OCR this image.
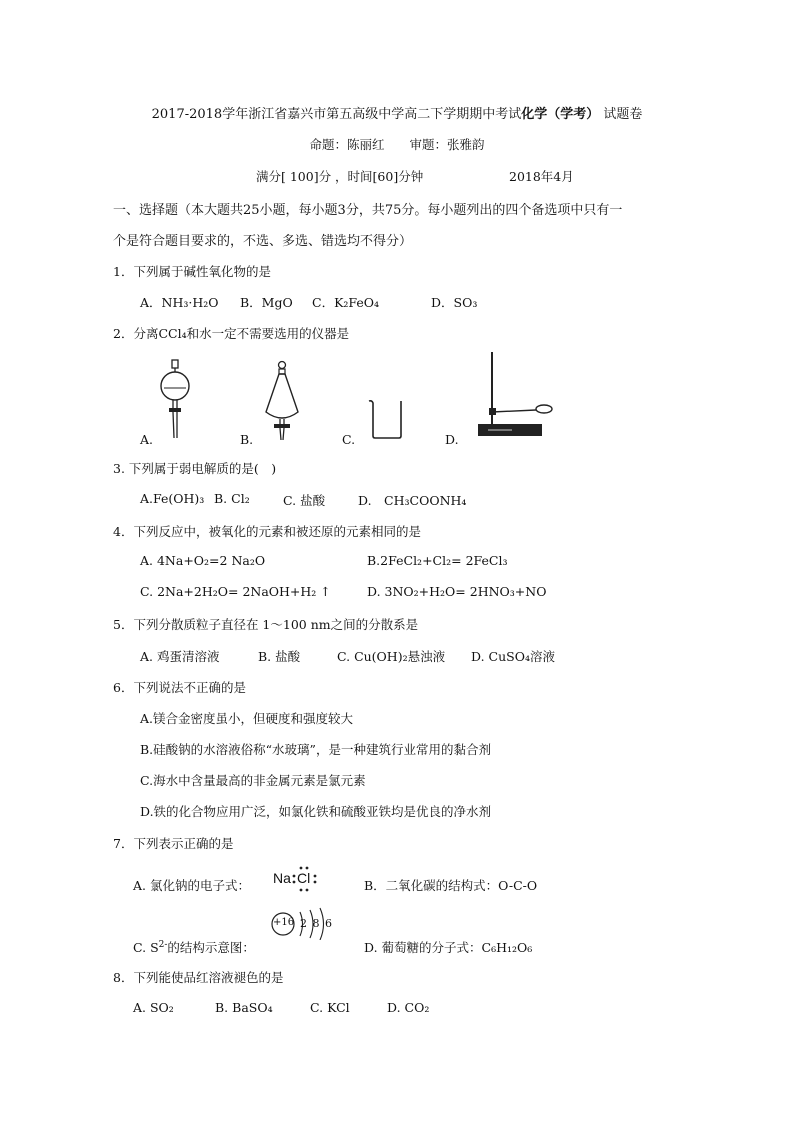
2017-2018学年浙江省嘉兴市第五高级中学高二下学期期中考试化学（学考） 试题卷
命题：陈丽红　　审题：张雅韵
满分[ 100]分 ，时间[60]分钟	2018年4月
一、选择题（本大题共25小题，每小题3分，共75分。每小题列出的四个备选项中只有一
个是符合题目要求的，不选、多选、错选均不得分）
1．下列属于碱性氧化物的是
A．NH₃·H₂O B．MgO C．K₂FeO₄	D．SO₃
2．分离CCl₄和水一定不需要选用的仪器是
A.	B.	C.	D.
3. 下列属于弱电解质的是(　)
A.Fe(OH)₃ B. Cl₂	C. 盐酸	D.　CH₃COONH₄
4．下列反应中，被氧化的元素和被还原的元素相同的是
A. 4Na+O₂=2 Na₂O	B.2FeCl₂+Cl₂= 2FeCl₃
C. 2Na+2H₂O= 2NaOH+H₂ ↑	D. 3NO₂+H₂O= 2HNO₃+NO
5．下列分散质粒子直径在 1～100 nm之间的分散系是
A. 鸡蛋清溶液	B. 盐酸	C. Cu(OH)₂悬浊液 D. CuSO₄溶液
6．下列说法不正确的是
A.镁合金密度虽小，但硬度和强度较大
B.硅酸钠的水溶液俗称“水玻璃”，是一种建筑行业常用的黏合剂
C.海水中含量最高的非金属元素是氯元素
D.铁的化合物应用广泛，如氯化铁和硫酸亚铁均是优良的净水剂
7．下列表示正确的是
A. 氯化钠的电子式： Na Cl	B．二氧化碳的结构式：O-C-O
+16 2 8 6
C. $S^{2-}$的结构示意图：	D. 葡萄糖的分子式：C₆H₁₂O₆
8．下列能使品红溶液褪色的是
A. SO₂	B. BaSO₄	C. KCl	D. CO₂
